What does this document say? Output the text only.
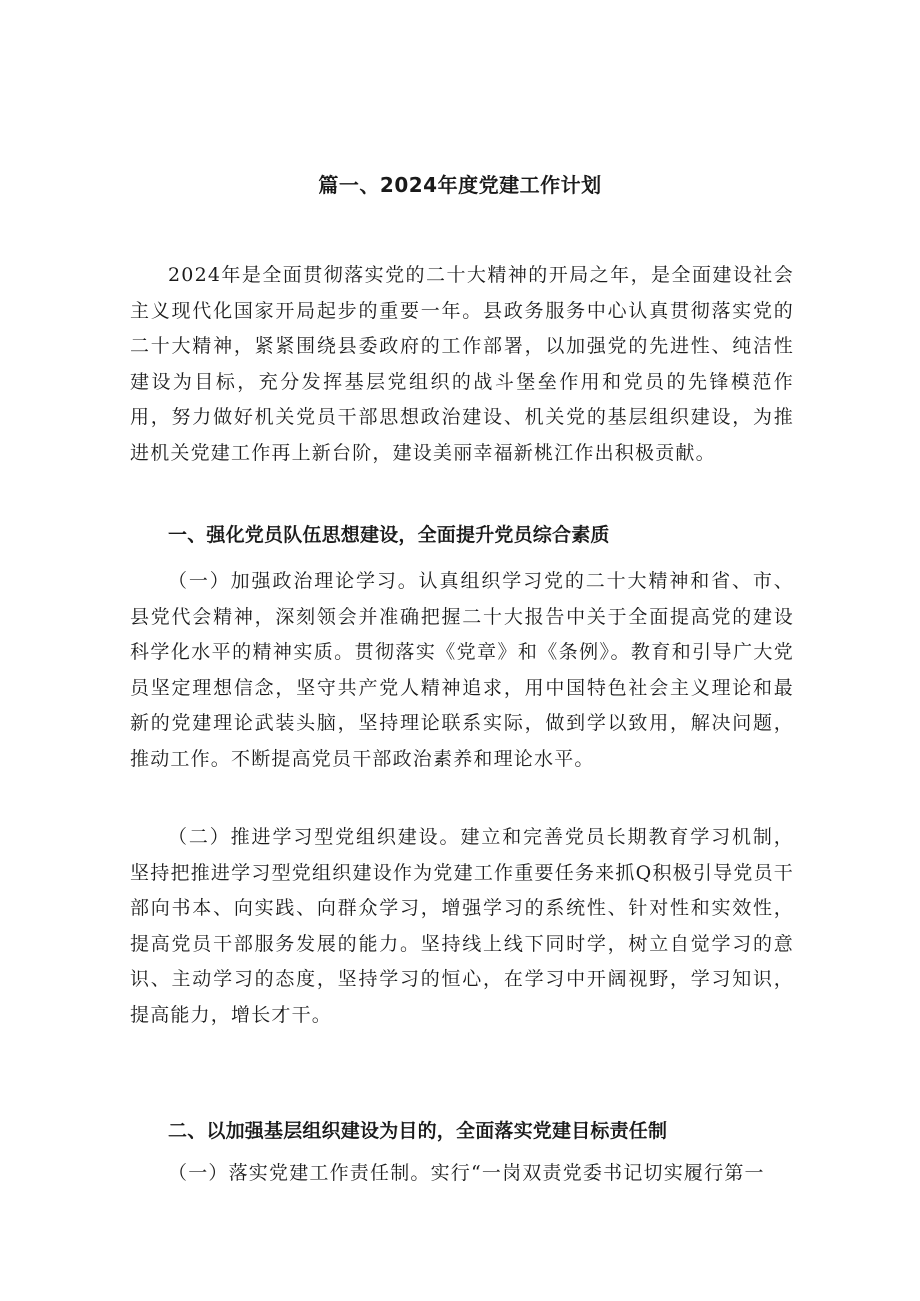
篇一、2024年度党建工作计划

2024年是全面贯彻落实党的二十大精神的开局之年，是全面建设社会主义现代化国家开局起步的重要一年。县政务服务中心认真贯彻落实党的二十大精神，紧紧围绕县委政府的工作部署，以加强党的先进性、纯洁性建设为目标，充分发挥基层党组织的战斗堡垒作用和党员的先锋模范作用，努力做好机关党员干部思想政治建设、机关党的基层组织建设，为推进机关党建工作再上新台阶，建设美丽幸福新桃江作出积极贡献。

一、强化党员队伍思想建设，全面提升党员综合素质

（一）加强政治理论学习。认真组织学习党的二十大精神和省、市、县党代会精神，深刻领会并准确把握二十大报告中关于全面提高党的建设科学化水平的精神实质。贯彻落实《党章》和《条例》。教育和引导广大党员坚定理想信念，坚守共产党人精神追求，用中国特色社会主义理论和最新的党建理论武装头脑，坚持理论联系实际，做到学以致用，解决问题，推动工作。不断提高党员干部政治素养和理论水平。

（二）推进学习型党组织建设。建立和完善党员长期教育学习机制，坚持把推进学习型党组织建设作为党建工作重要任务来抓Q积极引导党员干部向书本、向实践、向群众学习，增强学习的系统性、针对性和实效性，提高党员干部服务发展的能力。坚持线上线下同时学，树立自觉学习的意识、主动学习的态度，坚持学习的恒心，在学习中开阔视野，学习知识，提高能力，增长才干。

二、以加强基层组织建设为目的，全面落实党建目标责任制

（一）落实党建工作责任制。实行“一岗双责党委书记切实履行第一
